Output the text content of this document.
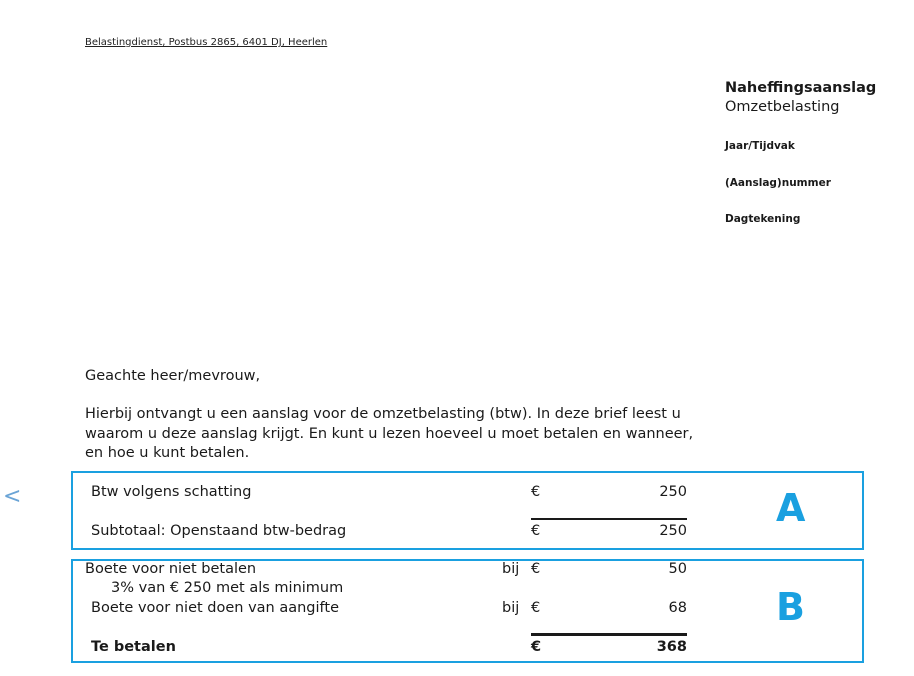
Belastingdienst, Postbus 2865, 6401 DJ, Heerlen
Naheffingsaanslag
Omzetbelasting
Jaar/Tijdvak
(Aanslag)nummer
Dagtekening
Geachte heer/mevrouw,
Hierbij ontvangt u een aanslag voor de omzetbelasting (btw). In deze brief leest u waarom u deze aanslag krijgt. En kunt u lezen hoeveel u moet betalen en wanneer, en hoe u kunt betalen.
<	A
Btw volgens schatting	€	250
Subtotaal: Openstaand btw-bedrag	€	250
B
Boete voor niet betalen	bij €	50
3% van € 250 met als minimum
Boete voor niet doen van aangifte	bij €	68
Te betalen	€	368
